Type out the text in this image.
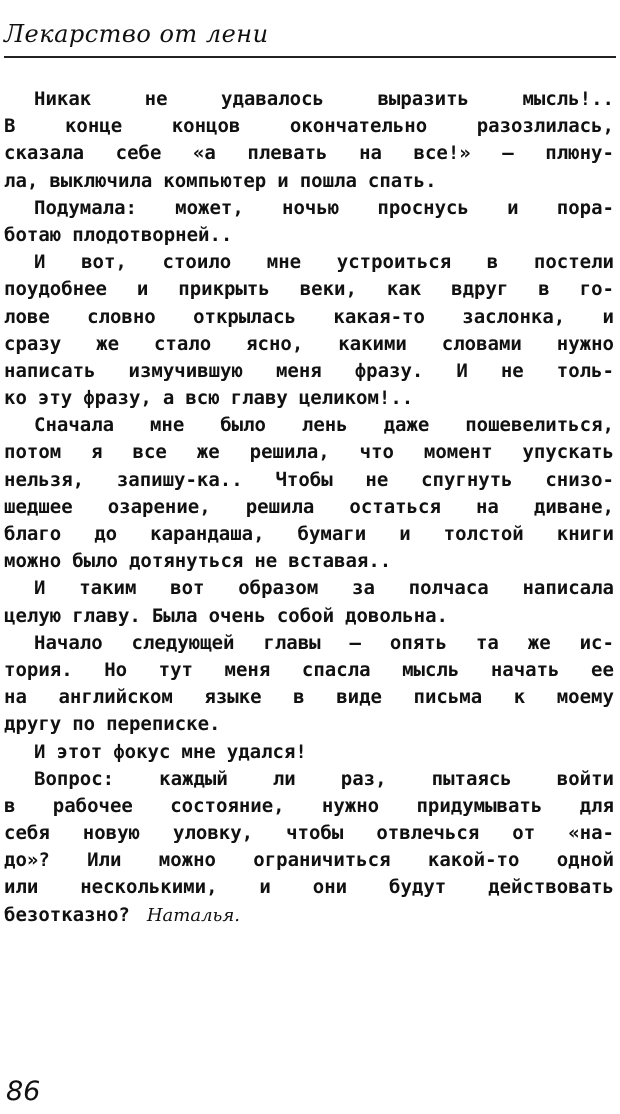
Лекарство от лени
Никак	не	удавалось	выразить	мысль!..
В	конце	концов	окончательно	разозлилась,
сказала себе «а плевать на все!» – плюну-
ла, выключила компьютер и пошла спать.
Подумала: может, ночью проснусь и пора-
ботаю плодотворней..
И вот, стоило мне устроиться в постели
поудобнее и прикрыть веки, как вдруг в го-
лове словно открылась какая-то заслонка, и
сразу же стало ясно, какими словами нужно
написать измучившую меня фразу. И не толь-
ко эту фразу, а всю главу целиком!..
Сначала мне было лень даже пошевелиться,
потом я все же решила, что момент упускать
нельзя, запишу-ка.. Чтобы не спугнуть снизо-
шедшее озарение, решила остаться на диване,
благо до карандаша, бумаги и толстой книги
можно было дотянуться не вставая..
И таким вот образом за полчаса написала
целую главу. Была очень собой довольна.
Начало следующей главы – опять та же ис-
тория. Но тут меня спасла мысль начать ее
на английском языке в виде письма к моему
другу по переписке.
И этот фокус мне удался!
Вопрос: каждый ли раз, пытаясь войти
в рабочее состояние, нужно придумывать для
себя новую уловку, чтобы отвлечься от «на-
до»? Или можно ограничиться какой-то одной
или несколькими, и они будут действовать
безотказно? Наталья.
86
